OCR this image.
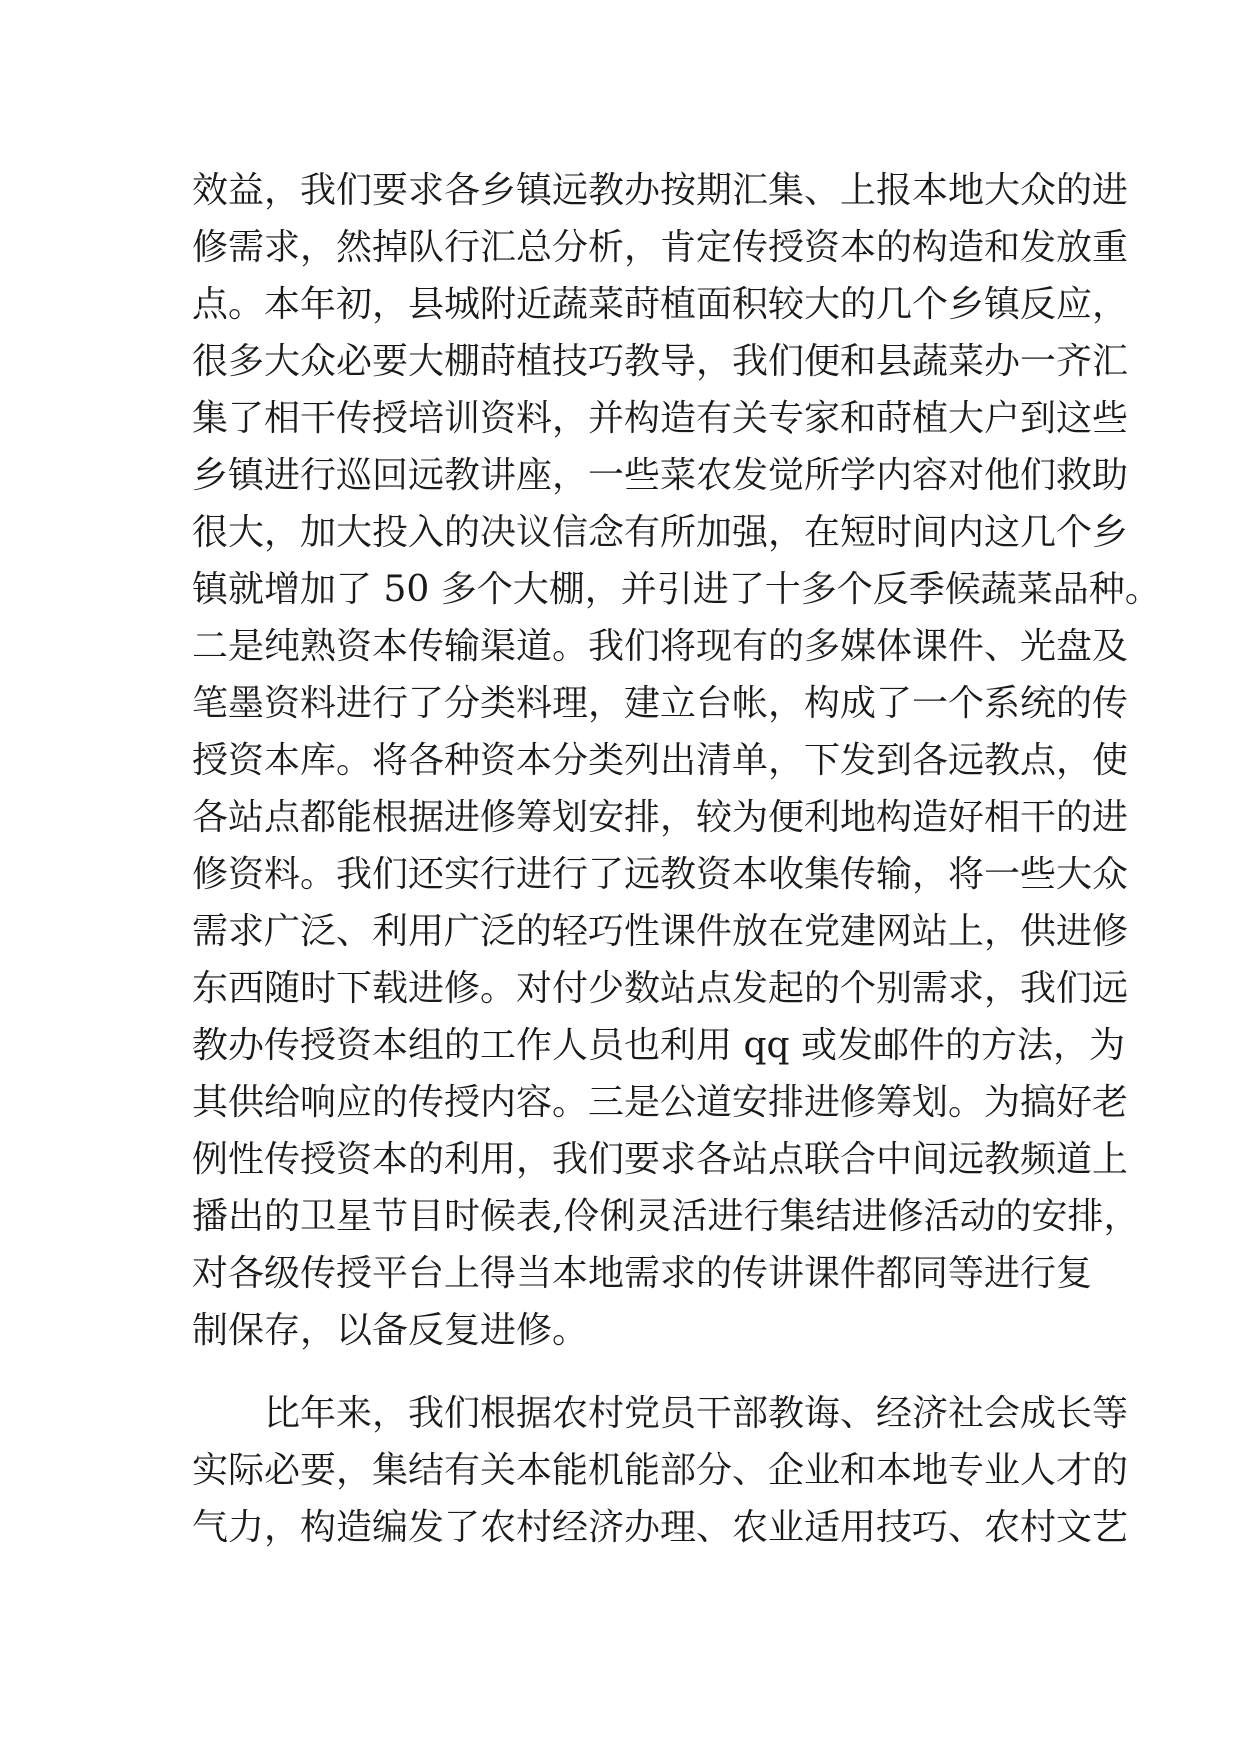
效益，我们要求各乡镇远教办按期汇集、上报本地大众的进
修需求，然掉队行汇总分析，肯定传授资本的构造和发放重
点。本年初，县城附近蔬菜莳植面积较大的几个乡镇反应，
很多大众必要大棚莳植技巧教导，我们便和县蔬菜办一齐汇
集了相干传授培训资料，并构造有关专家和莳植大户到这些
乡镇进行巡回远教讲座，一些菜农发觉所学内容对他们救助
很大，加大投入的决议信念有所加强，在短时间内这几个乡
镇就增加了 50 多个大棚，并引进了十多个反季候蔬菜品种。
二是纯熟资本传输渠道。我们将现有的多媒体课件、光盘及
笔墨资料进行了分类料理，建立台帐，构成了一个系统的传
授资本库。将各种资本分类列出清单，下发到各远教点，使
各站点都能根据进修筹划安排，较为便利地构造好相干的进
修资料。我们还实行进行了远教资本收集传输，将一些大众
需求广泛、利用广泛的轻巧性课件放在党建网站上，供进修
东西随时下载进修。对付少数站点发起的个别需求，我们远
教办传授资本组的工作人员也利用 qq 或发邮件的方法，为
其供给响应的传授内容。三是公道安排进修筹划。为搞好老
例性传授资本的利用，我们要求各站点联合中间远教频道上
播出的卫星节目时候表,伶俐灵活进行集结进修活动的安排，
对各级传授平台上得当本地需求的传讲课件都同等进行复
制保存，以备反复进修。
　　比年来，我们根据农村党员干部教诲、经济社会成长等
实际必要，集结有关本能机能部分、企业和本地专业人才的
气力，构造编发了农村经济办理、农业适用技巧、农村文艺
